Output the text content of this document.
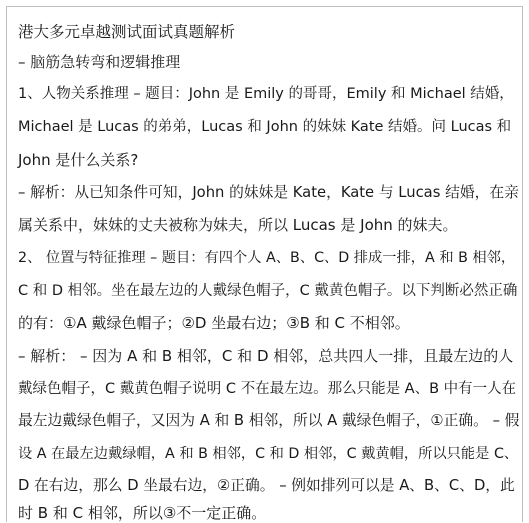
港大多元卓越测试面试真题解析
– 脑筋急转弯和逻辑推理
1、人物关系推理 – 题目：John 是 Emily 的哥哥，Emily 和 Michael 结婚，
Michael 是 Lucas 的弟弟，Lucas 和 John 的妹妹 Kate 结婚。问 Lucas 和
John 是什么关系?
– 解析：从已知条件可知，John 的妹妹是 Kate，Kate 与 Lucas 结婚，在亲
属关系中，妹妹的丈夫被称为妹夫，所以 Lucas 是 John 的妹夫。
2、 位置与特征推理 – 题目：有四个人 A、B、C、D 排成一排，A 和 B 相邻，
C 和 D 相邻。坐在最左边的人戴绿色帽子，C 戴黄色帽子。以下判断必然正确
的有：①A 戴绿色帽子；②D 坐最右边；③B 和 C 不相邻。
– 解析： – 因为 A 和 B 相邻，C 和 D 相邻，总共四人一排，且最左边的人
戴绿色帽子，C 戴黄色帽子说明 C 不在最左边。那么只能是 A、B 中有一人在
最左边戴绿色帽子，又因为 A 和 B 相邻，所以 A 戴绿色帽子，①正确。 – 假
设 A 在最左边戴绿帽，A 和 B 相邻，C 和 D 相邻，C 戴黄帽，所以只能是 C、
D 在右边，那么 D 坐最右边，②正确。 – 例如排列可以是 A、B、C、D，此
时 B 和 C 相邻，所以③不一定正确。
